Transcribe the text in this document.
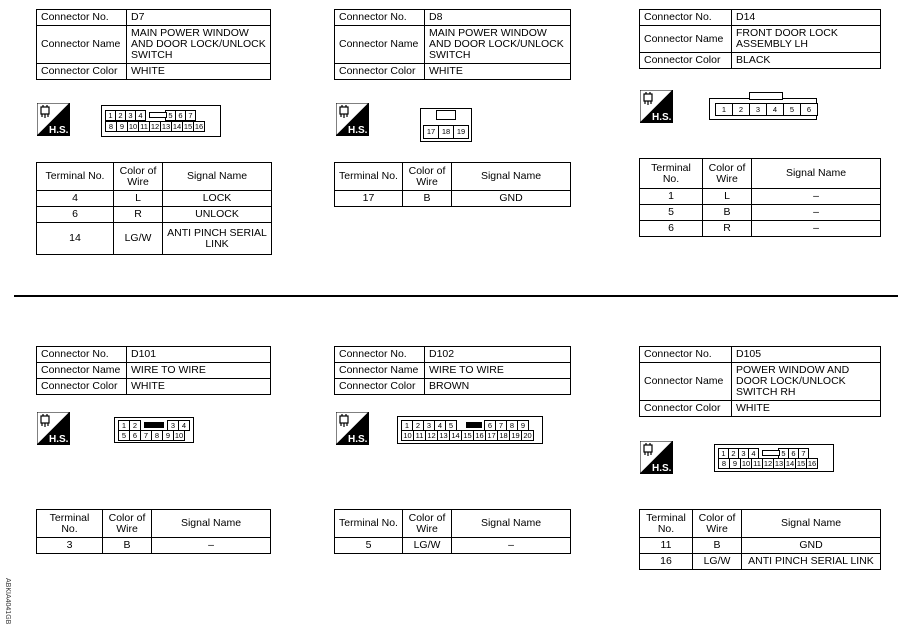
Connector No.	D7
Connector Name	MAIN POWER WINDOW AND DOOR LOCK/UNLOCK SWITCH
Connector Color	WHITE
H.S.
1 2 3 4	5 6 7
8 9 10 11 12 13 14 15 16
Terminal No.	Color of Wire	Signal Name
4	L	LOCK
6	R	UNLOCK
14	LG/W	ANTI PINCH SERIAL LINK
Connector No.	D8
Connector Name	MAIN POWER WINDOW AND DOOR LOCK/UNLOCK SWITCH
Connector Color	WHITE
H.S.	17 18 19
Terminal No.	Color of Wire	Signal Name
17	B	GND
Connector No.	D14
Connector Name	FRONT DOOR LOCK ASSEMBLY LH
Connector Color	BLACK
H.S.
1	2	3	4	5	6
Terminal No.	Color of Wire	Signal Name
1	L	–
5	B	–
6	R	–
Connector No.	D101
Connector Name	WIRE TO WIRE
Connector Color	WHITE
H.S.
1 2	3 4
5 6 7 8 9 10
Terminal No.	Color of Wire	Signal Name
3	B	–
Connector No.	D102
Connector Name	WIRE TO WIRE
Connector Color	BROWN
H.S.
1 2 3 4 5	6 7 8 9
10 11 12 13 14 15 16 17 18 19 20
Terminal No.	Color of Wire	Signal Name
5	LG/W	–
Connector No.	D105
Connector Name	POWER WINDOW AND DOOR LOCK/UNLOCK SWITCH RH
Connector Color	WHITE
H.S.
1 2 3 4	5 6 7
8 9 10 11 12 13 14 15 16
Terminal No.	Color of Wire	Signal Name
11	B	GND
16	LG/W	ANTI PINCH SERIAL LINK
ABKIA4041GB
